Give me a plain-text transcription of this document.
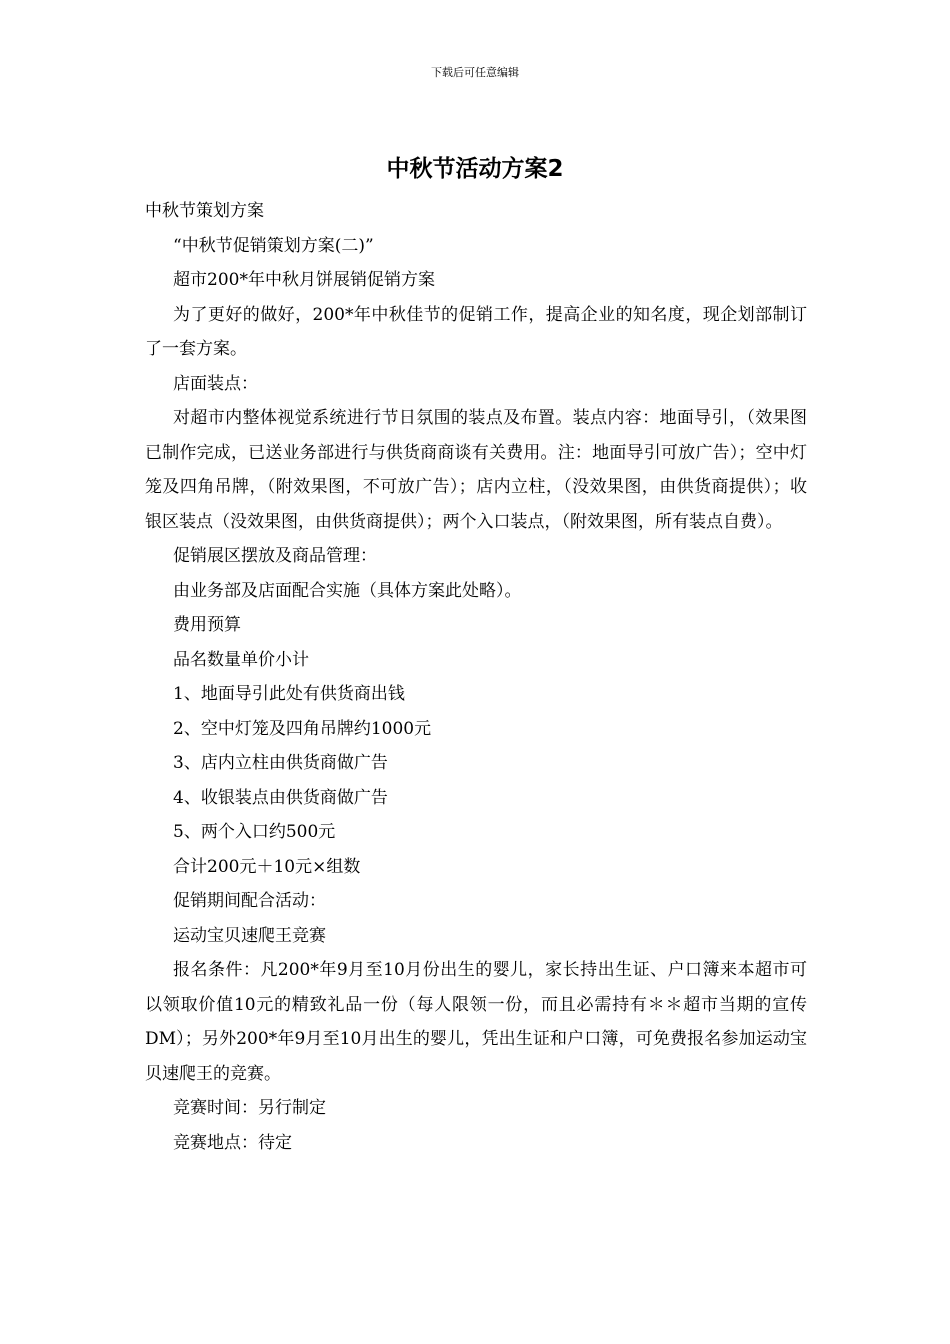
下载后可任意编辑
中秋节活动方案2

中秋节策划方案

“中秋节促销策划方案(二)”

超市200*年中秋月饼展销促销方案

为了更好的做好，200*年中秋佳节的促销工作，提高企业的知名度，现企划部制订了一套方案。

店面装点：

对超市内整体视觉系统进行节日氛围的装点及布置。装点内容：地面导引，（效果图已制作完成，已送业务部进行与供货商商谈有关费用。注：地面导引可放广告）；空中灯笼及四角吊牌，（附效果图，不可放广告）；店内立柱，（没效果图，由供货商提供）；收银区装点（没效果图，由供货商提供）；两个入口装点，（附效果图，所有装点自费）。

促销展区摆放及商品管理：

由业务部及店面配合实施（具体方案此处略）。

费用预算

品名数量单价小计

1、地面导引此处有供货商出钱

2、空中灯笼及四角吊牌约1000元

3、店内立柱由供货商做广告

4、收银装点由供货商做广告

5、两个入口约500元

合计200元＋10元×组数

促销期间配合活动：

运动宝贝速爬王竞赛

报名条件：凡200*年9月至10月份出生的婴儿，家长持出生证、户口簿来本超市可以领取价值10元的精致礼品一份（每人限领一份，而且必需持有＊＊超市当期的宣传DM）；另外200*年9月至10月出生的婴儿，凭出生证和户口簿，可免费报名参加运动宝贝速爬王的竞赛。

竞赛时间：另行制定

竞赛地点：待定
